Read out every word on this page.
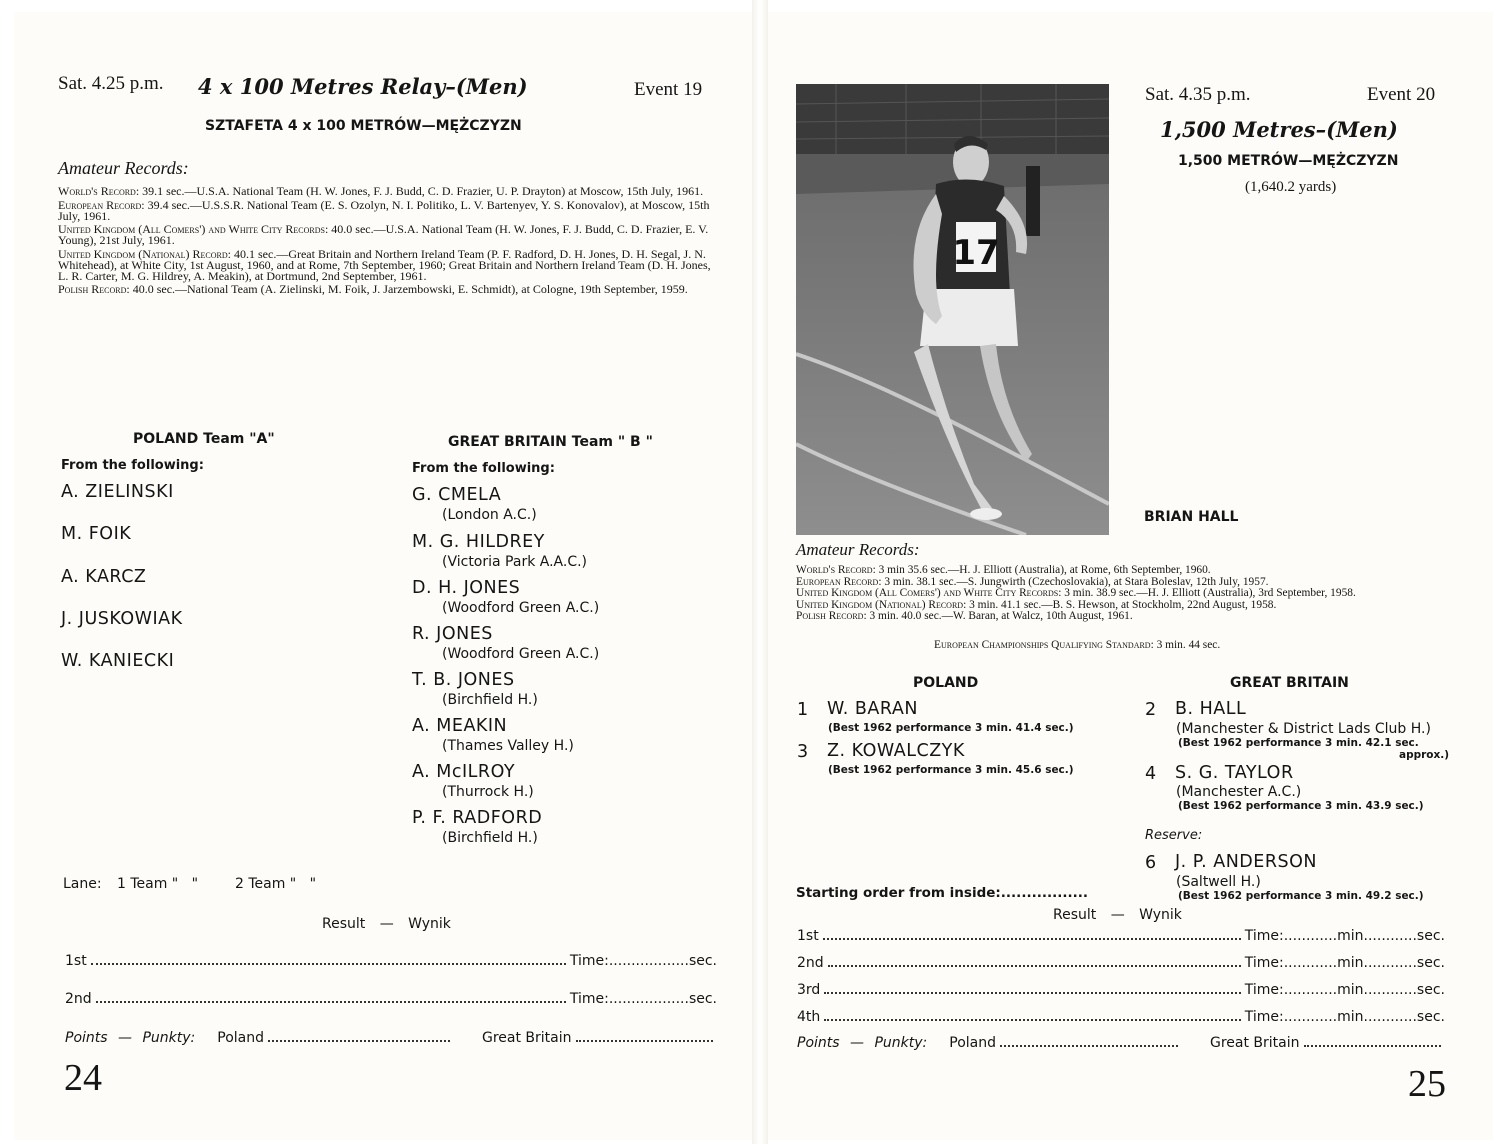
Sat. 4.25 p.m. 4 x 100 Metres Relay–(Men)	Event 19
SZTAFETA 4 x 100 METRÓW—MĘŻCZYZN
Amateur Records:
World's Record: 39.1 sec.—U.S.A. National Team (H. W. Jones, F. J. Budd, C. D. Frazier, U. P. Drayton) at Moscow, 15th July, 1961.
European Record: 39.4 sec.—U.S.S.R. National Team (E. S. Ozolyn, N. I. Politiko, L. V. Bartenyev, Y. S. Konovalov), at Moscow, 15th July, 1961.
United Kingdom (All Comers') and White City Records: 40.0 sec.—U.S.A. National Team (H. W. Jones, F. J. Budd, C. D. Frazier, E. V. Young), 21st July, 1961.
United Kingdom (National) Record: 40.1 sec.—Great Britain and Northern Ireland Team (P. F. Radford, D. H. Jones, D. H. Segal, J. N. Whitehead), at White City, 1st August, 1960, and at Rome, 7th September, 1960; Great Britain and Northern Ireland Team (D. H. Jones, L. R. Carter, M. G. Hildrey, A. Meakin), at Dortmund, 2nd September, 1961.
Polish Record: 40.0 sec.—National Team (A. Zielinski, M. Foik, J. Jarzembowski, E. Schmidt), at Cologne, 19th September, 1959.
POLAND Team "A"
From the following:
A. ZIELINSKI
M. FOIK
A. KARCZ
J. JUSKOWIAK
W. KANIECKI
GREAT BRITAIN Team " B "
From the following:
G. CMELA
(London A.C.)
M. G. HILDREY
(Victoria Park A.A.C.)
D. H. JONES
(Woodford Green A.C.)
R. JONES
(Woodford Green A.C.)
T. B. JONES
(Birchfield H.)
A. MEAKIN
(Thames Valley H.)
A. McILROY
(Thurrock H.)
P. F. RADFORD
(Birchfield H.)
Lane: 1 Team "   "	2 Team "   "
Result — Wynik
1st	Time:..................sec.
2nd	Time:..................sec.
Points — Punkty: Poland	Great Britain
24
17
Sat. 4.35 p.m.	Event 20
1,500 Metres–(Men)
1,500 METRÓW—MĘŻCZYZN
(1,640.2 yards)
BRIAN HALL
Amateur Records:
World's Record: 3 min 35.6 sec.—H. J. Elliott (Australia), at Rome, 6th September, 1960.
European Record: 3 min. 38.1 sec.—S. Jungwirth (Czechoslovakia), at Stara Boleslav, 12th July, 1957.
United Kingdom (All Comers') and White City Records: 3 min. 38.9 sec.—H. J. Elliott (Australia), 3rd September, 1958.
United Kingdom (National) Record: 3 min. 41.1 sec.—B. S. Hewson, at Stockholm, 22nd August, 1958.
Polish Record: 3 min. 40.0 sec.—W. Baran, at Walcz, 10th August, 1961.
European Championships Qualifying Standard: 3 min. 44 sec.
POLAND	GREAT BRITAIN
1 W. BARAN
(Best 1962 performance 3 min. 41.4 sec.)
3 Z. KOWALCZYK
(Best 1962 performance 3 min. 45.6 sec.)
2 B. HALL
(Manchester & District Lads Club H.)
(Best 1962 performance 3 min. 42.1 sec.
approx.)
4 S. G. TAYLOR
(Manchester A.C.)
(Best 1962 performance 3 min. 43.9 sec.)
Reserve:
6 J. P. ANDERSON
(Saltwell H.)
(Best 1962 performance 3 min. 49.2 sec.)
Starting order from inside:.................
Result — Wynik
1st	Time:............min............sec.
2nd	Time:............min............sec.
3rd	Time:............min............sec.
4th	Time:............min............sec.
Points — Punkty: Poland	Great Britain
25
